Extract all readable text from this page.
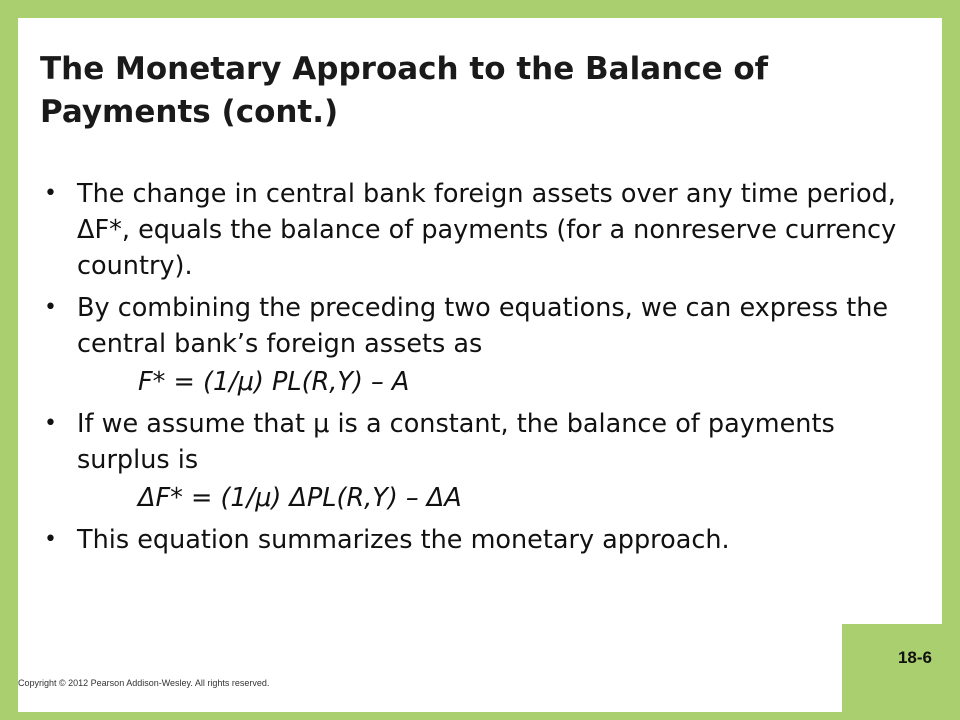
The Monetary Approach to the Balance of Payments (cont.)
• The change in central bank foreign assets over any time period, ΔF*, equals the balance of payments (for a nonreserve currency country).
• By combining the preceding two equations, we can express the central bank’s foreign assets as
F* = (1/μ) PL(R,Y) – A
• If we assume that μ is a constant, the balance of payments surplus is
ΔF* = (1/μ) ΔPL(R,Y) – ΔA
• This equation summarizes the monetary approach.
Copyright © 2012 Pearson Addison-Wesley. All rights reserved.
18-6
